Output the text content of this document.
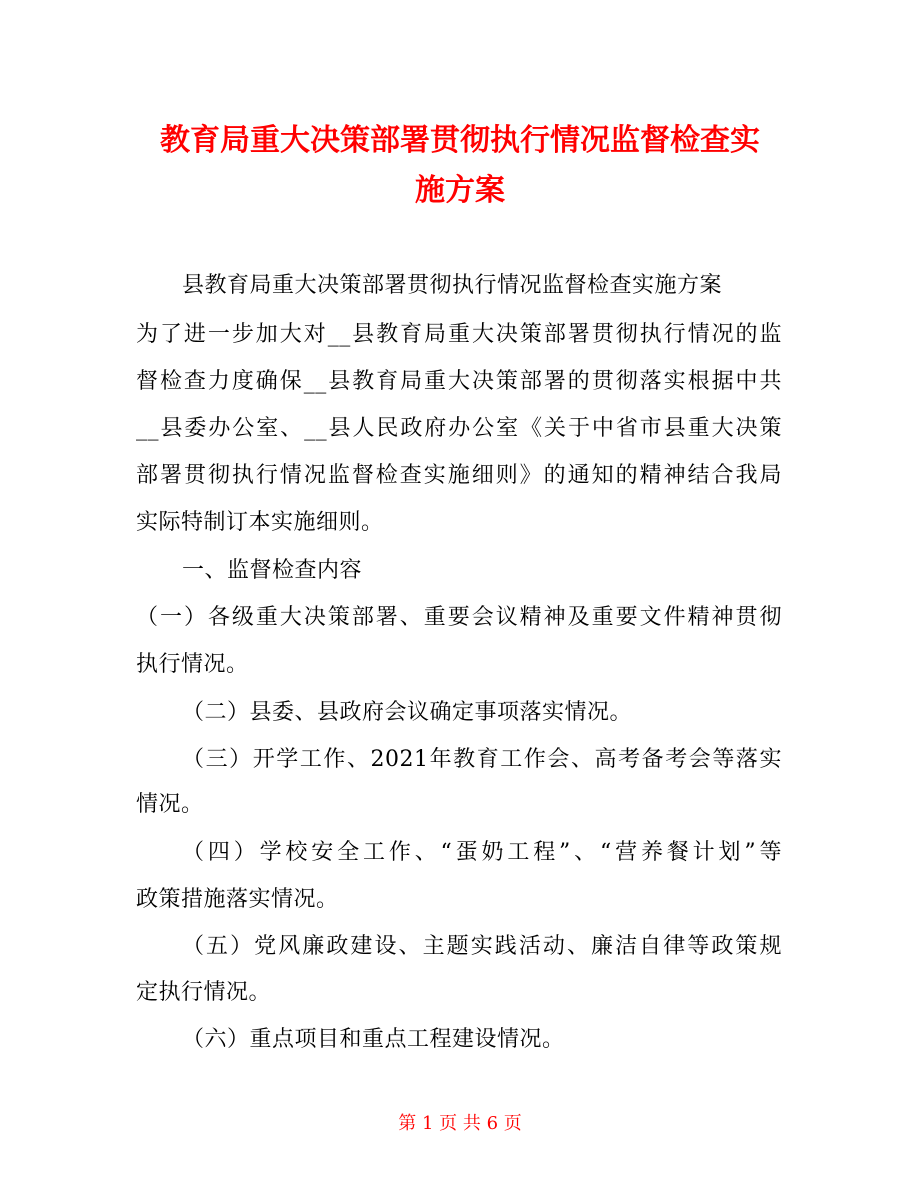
教育局重大决策部署贯彻执行情况监督检查实
施方案
县教育局重大决策部署贯彻执行情况监督检查实施方案
为了进一步加大对__县教育局重大决策部署贯彻执行情况的监
督检查力度确保__县教育局重大决策部署的贯彻落实根据中共
__县委办公室、__县人民政府办公室《关于中省市县重大决策
部署贯彻执行情况监督检查实施细则》的通知的精神结合我局
实际特制订本实施细则。
一、监督检查内容
（一）各级重大决策部署、重要会议精神及重要文件精神贯彻
执行情况。
（二）县委、县政府会议确定事项落实情况。
（三）开学工作、2021年教育工作会、高考备考会等落实
情况。
（四）学校安全工作、“蛋奶工程”、“营养餐计划”等
政策措施落实情况。
（五）党风廉政建设、主题实践活动、廉洁自律等政策规
定执行情况。
（六）重点项目和重点工程建设情况。
第 1 页 共 6 页
